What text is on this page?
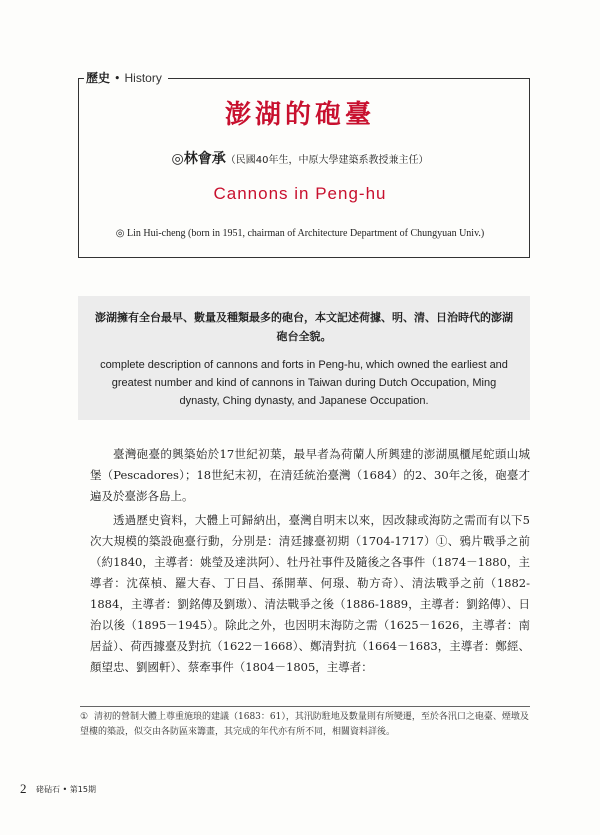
歷史 • History
澎湖的砲臺
◎林會承（民國40年生，中原大學建築系教授兼主任）
Cannons in Peng-hu
◎ Lin Hui-cheng (born in 1951, chairman of Architecture Department of Chungyuan Univ.)
澎湖擁有全台最早、數量及種類最多的砲台，本文記述荷據、明、清、日治時代的澎湖砲台全貌。
complete description of cannons and forts in Peng-hu, which owned the earliest and greatest number and kind of cannons in Taiwan during Dutch Occupation, Ming dynasty, Ching dynasty, and Japanese Occupation.

臺灣砲臺的興築始於17世紀初葉，最早者為荷蘭人所興建的澎湖風櫃尾蛇頭山城堡（Pescadores）；18世紀末初，在清廷統治臺灣（1684）的2、30年之後，砲臺才遍及於臺澎各島上。

透過歷史資料，大體上可歸納出，臺灣自明末以來，因改隸或海防之需而有以下5次大規模的築設砲臺行動，分別是：清廷據臺初期（1704-1717）①、鴉片戰爭之前（約1840，主導者：姚瑩及達洪阿）、牡丹社事件及隨後之各事件（1874－1880，主導者：沈葆楨、羅大春、丁日昌、孫開華、何璟、勒方奇）、清法戰爭之前（1882-1884，主導者：劉銘傳及劉璈）、清法戰爭之後（1886-1889，主導者：劉銘傳）、日治以後（1895－1945）。除此之外，也因明末海防之需（1625－1626，主導者：南居益）、荷西據臺及對抗（1622－1668）、鄭清對抗（1664－1683，主導者：鄭經、顏望忠、劉國軒）、蔡牽事件（1804－1805，主導者：

① 清初的營制大體上尊重施琅的建議（1683：61），其汛防駐地及數量則有所變遷，至於各汛口之砲臺、煙墩及望樓的築設，似交由各防區來籌畫，其完成的年代亦有所不同，相關資料詳後。
2 硓砧石 • 第15期
